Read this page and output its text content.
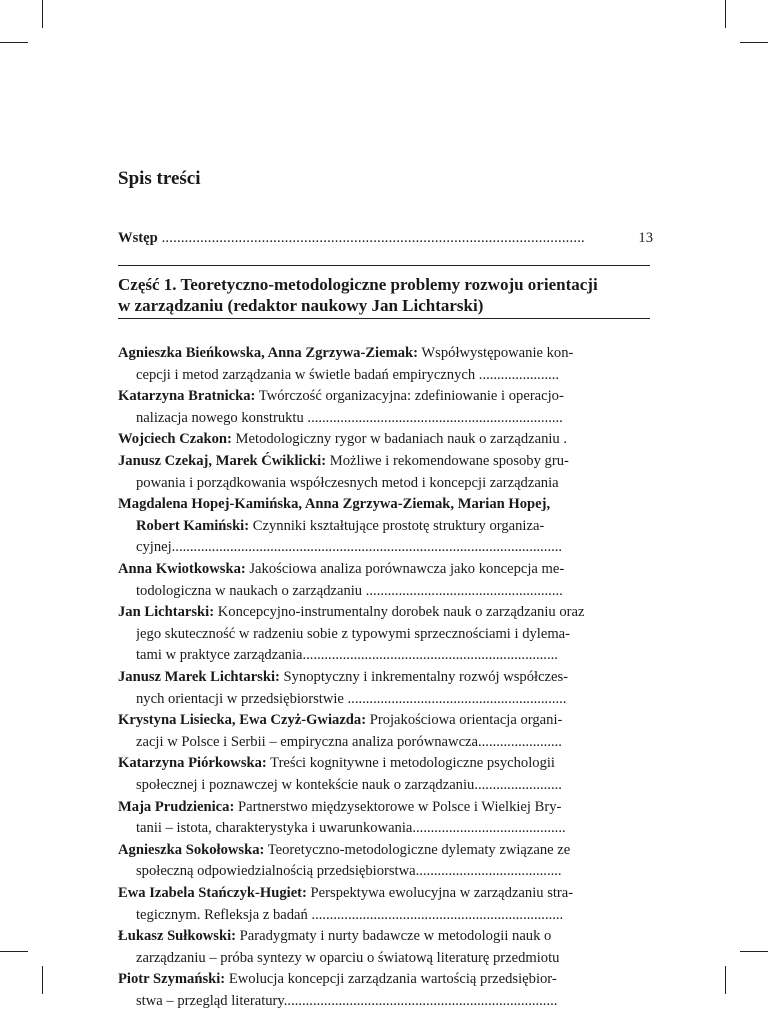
Spis treści
Wstęp ..............................................................................................................	13
Część 1. Teoretyczno-metodologiczne problemy rozwoju orientacji
w zarządzaniu (redaktor naukowy Jan Lichtarski)
Agnieszka Bieńkowska, Anna Zgrzywa-Ziemak: Współwystępowanie kon-
cepcji i metod zarządzania w świetle badań empirycznych ......................
Katarzyna Bratnicka: Twórczość organizacyjna: zdefiniowanie i operacjo-
nalizacja nowego konstruktu ......................................................................
Wojciech Czakon: Metodologiczny rygor w badaniach nauk o zarządzaniu .
Janusz Czekaj, Marek Ćwiklicki: Możliwe i rekomendowane sposoby gru-
powania i porządkowania współczesnych metod i koncepcji zarządzania
Magdalena Hopej-Kamińska, Anna Zgrzywa-Ziemak, Marian Hopej,
Robert Kamiński: Czynniki kształtujące prostotę struktury organiza-
cyjnej...........................................................................................................
Anna Kwiotkowska: Jakościowa analiza porównawcza jako koncepcja me-
todologiczna w naukach o zarządzaniu ......................................................
Jan Lichtarski: Koncepcyjno-instrumentalny dorobek nauk o zarządzaniu oraz
jego skuteczność w radzeniu sobie z typowymi sprzecznościami i dylema-
tami w praktyce zarządzania......................................................................
Janusz Marek Lichtarski: Synoptyczny i inkrementalny rozwój współczes-
nych orientacji w przedsiębiorstwie ............................................................
Krystyna Lisiecka, Ewa Czyż-Gwiazda: Projakościowa orientacja organi-
zacji w Polsce i Serbii – empiryczna analiza porównawcza.......................
Katarzyna Piórkowska: Treści kognitywne i metodologiczne psychologii
społecznej i poznawczej w kontekście nauk o zarządzaniu........................
Maja Prudzienica: Partnerstwo międzysektorowe w Polsce i Wielkiej Bry-
tanii – istota, charakterystyka i uwarunkowania..........................................
Agnieszka Sokołowska: Teoretyczno-metodologiczne dylematy związane ze
społeczną odpowiedzialnością przedsiębiorstwa........................................
Ewa Izabela Stańczyk-Hugiet: Perspektywa ewolucyjna w zarządzaniu stra-
tegicznym. Refleksja z badań .....................................................................
Łukasz Sułkowski: Paradygmaty i nurty badawcze w metodologii nauk o
zarządzaniu – próba syntezy w oparciu o światową literaturę przedmiotu
Piotr Szymański: Ewolucja koncepcji zarządzania wartością przedsiębior-
stwa – przegląd literatury...........................................................................
